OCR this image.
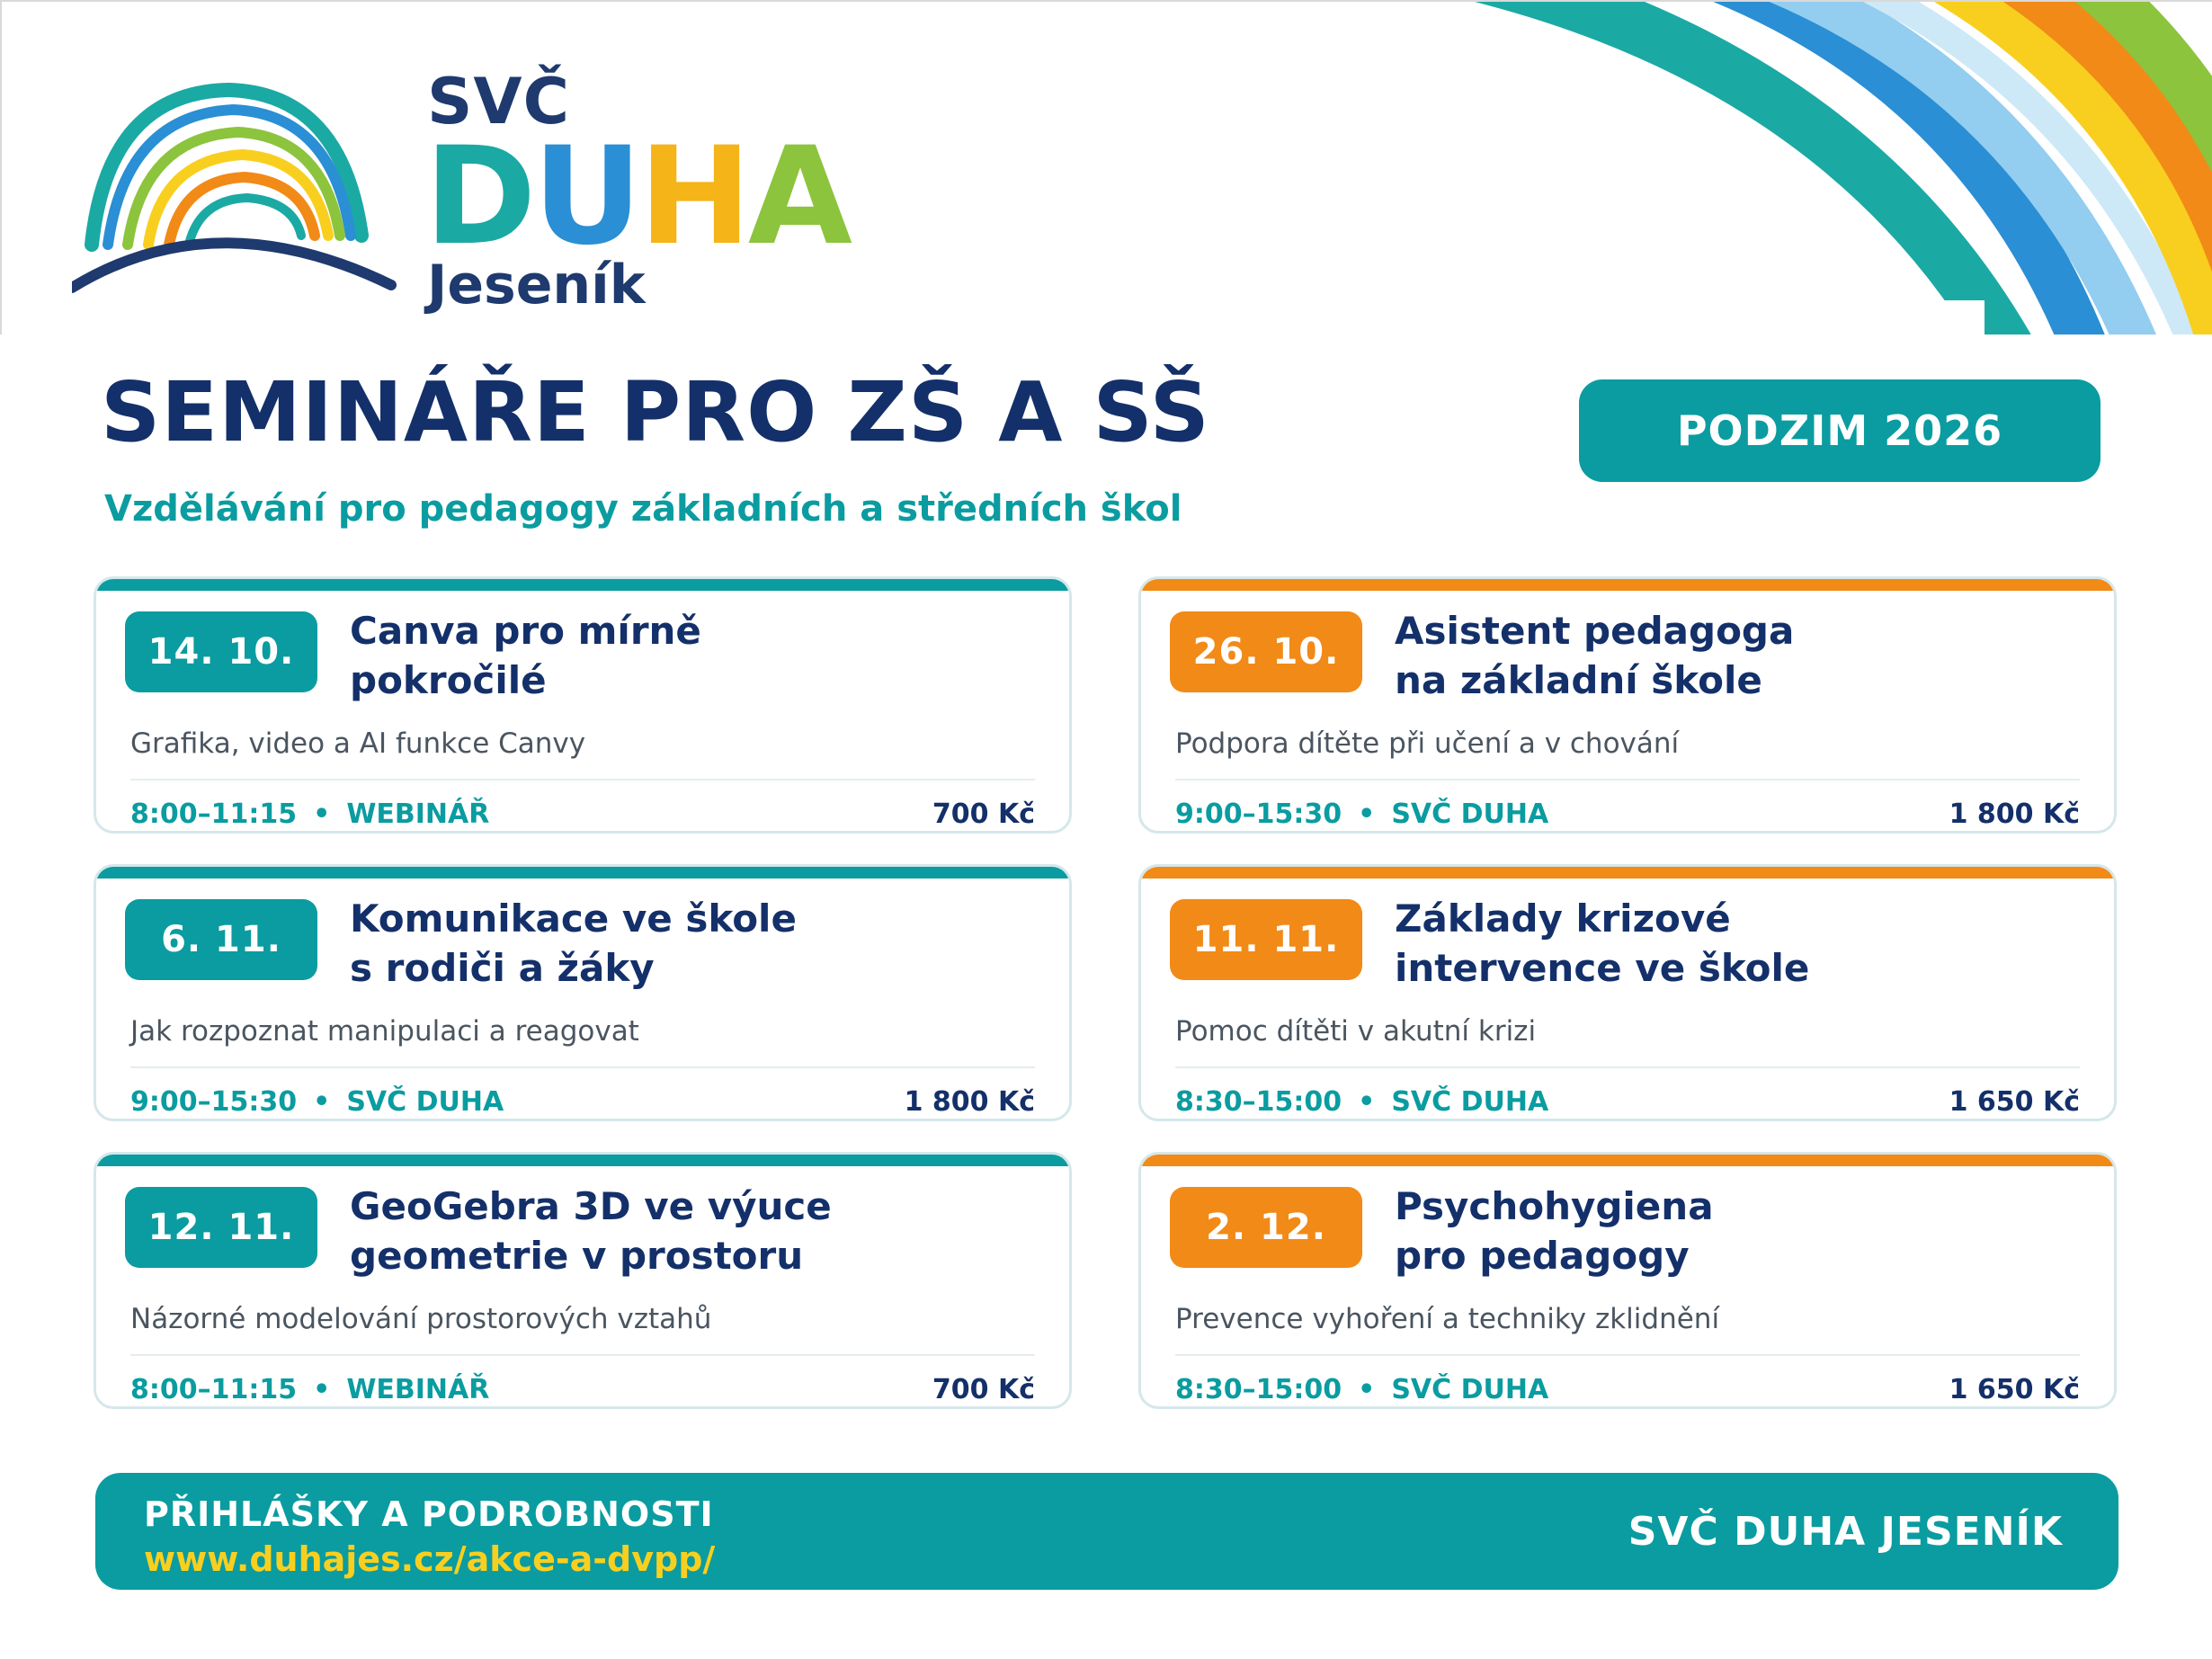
SVČ
DUHA
Jeseník
SEMINÁŘE PRO ZŠ A SŠ
Vzdělávání pro pedagogy základních a středních škol
PODZIM 2026
14. 10.	Canva pro mírně
pokročilé
Grafika, video a AI funkce Canvy
8:00–11:15 • WEBINÁŘ	700 Kč
26. 10.	Asistent pedagoga
na základní škole
Podpora dítěte při učení a v chování
9:00–15:30 • SVČ DUHA	1 800 Kč
6. 11.	Komunikace ve škole
s rodiči a žáky
Jak rozpoznat manipulaci a reagovat
9:00–15:30 • SVČ DUHA	1 800 Kč
11. 11.	Základy krizové
intervence ve škole
Pomoc dítěti v akutní krizi
8:30–15:00 • SVČ DUHA	1 650 Kč
12. 11.	GeoGebra 3D ve výuce
geometrie v prostoru
Názorné modelování prostorových vztahů
8:00–11:15 • WEBINÁŘ	700 Kč
2. 12.	Psychohygiena
pro pedagogy
Prevence vyhoření a techniky zklidnění
8:30–15:00 • SVČ DUHA	1 650 Kč
PŘIHLÁŠKY A PODROBNOSTI
www.duhajes.cz/akce-a-dvpp/
SVČ DUHA JESENÍK
